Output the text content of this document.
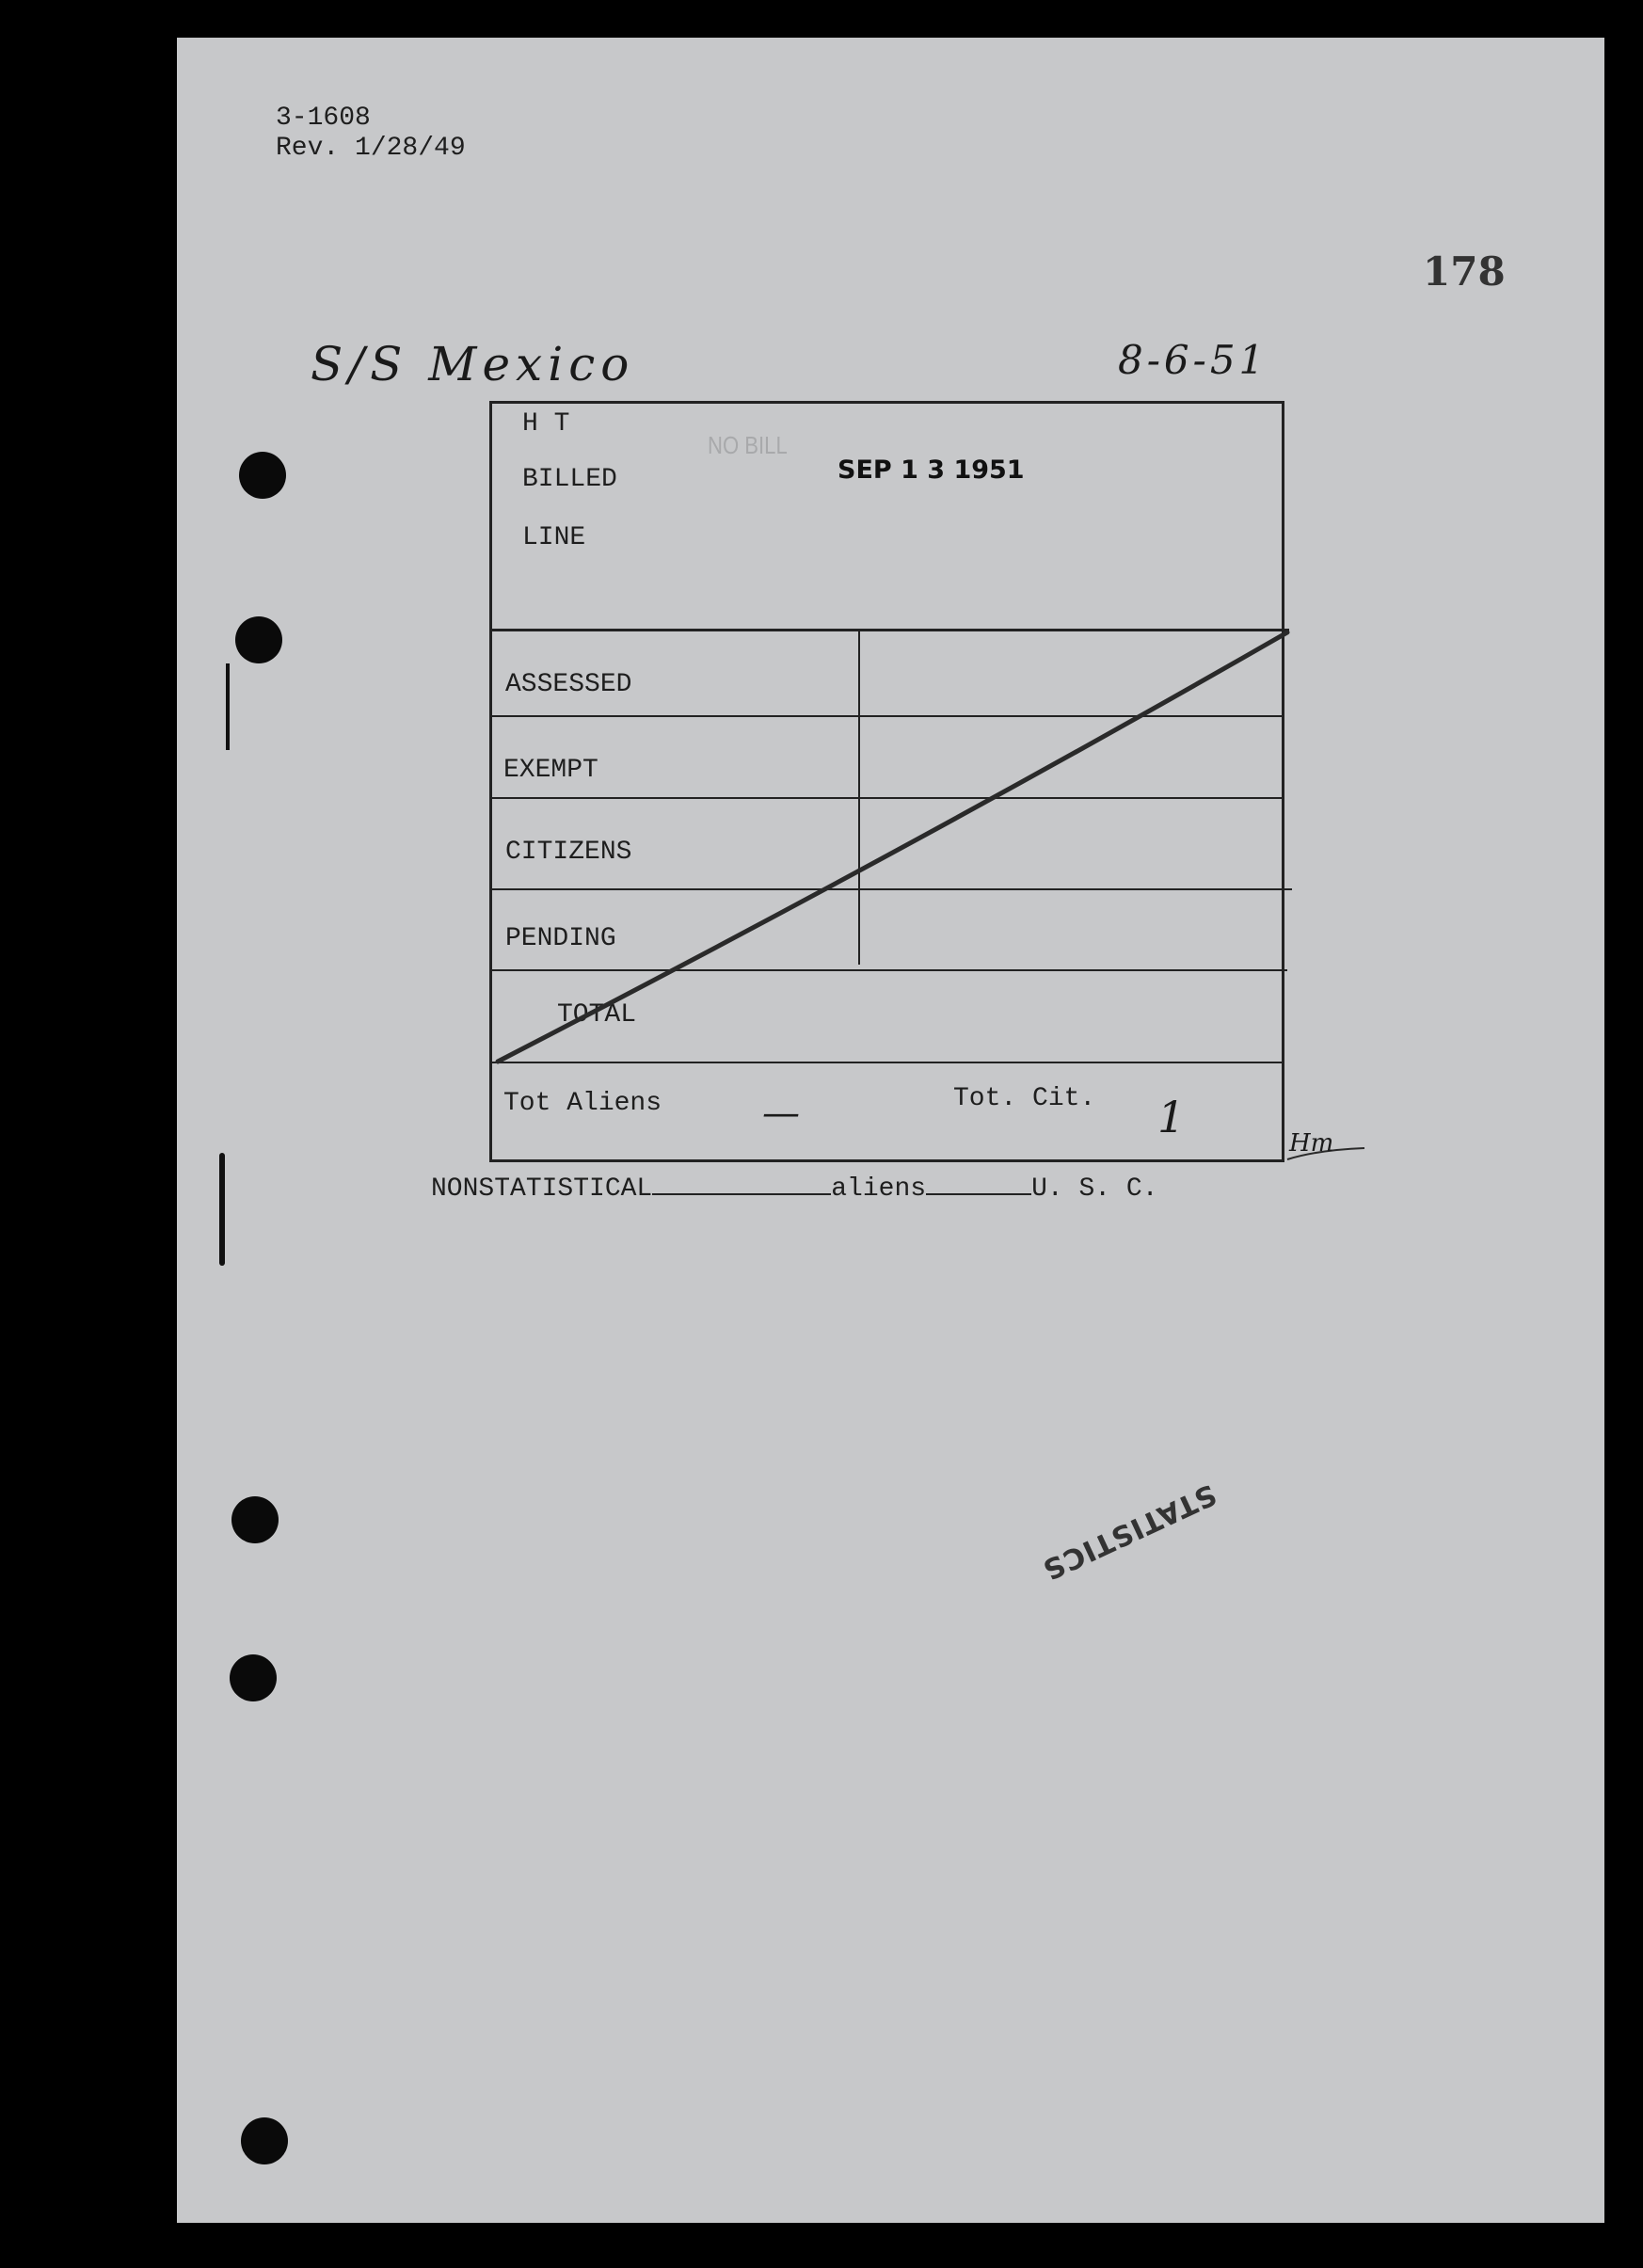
3-1608
Rev. 1/28/49
178
S/S Mexico	8-6-51
H T
BILLED
LINE
NO BILL
SEP 1 3 1951
ASSESSED
EXEMPT
CITIZENS
PENDING
TOTAL
Tot Aliens	—	Tot. Cit. 1
Hm
NONSTATISTICAL	aliens	U. S. C.
STATISTICS
